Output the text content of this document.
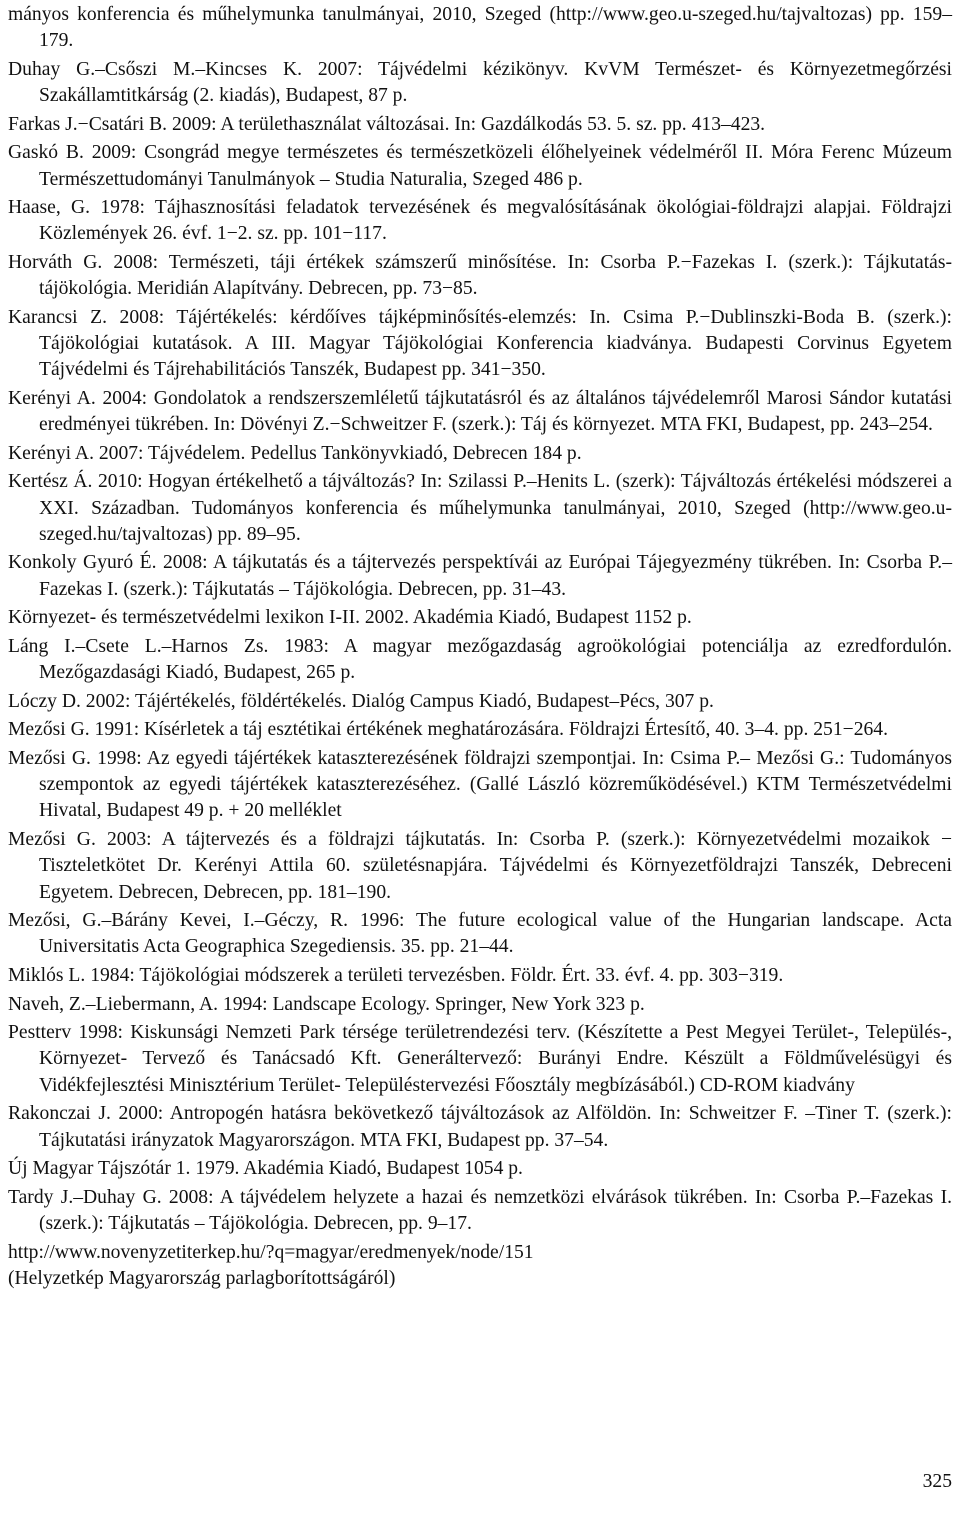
mányos konferencia és műhelymunka tanulmányai, 2010, Szeged (http://www.geo.u-szeged.hu/tajvaltozas) pp. 159–179.

Duhay G.–Csőszi M.–Kincses K. 2007: Tájvédelmi kézikönyv. KvVM Természet- és Környezetmegőrzési Szakállamtitkárság (2. kiadás), Budapest, 87 p.

Farkas J.−Csatári B. 2009: A területhasználat változásai. In: Gazdálkodás 53. 5. sz. pp. 413–423.

Gaskó B. 2009: Csongrád megye természetes és természetközeli élőhelyeinek védelméről II. Móra Ferenc Múzeum Természettudományi Tanulmányok – Studia Naturalia, Szeged 486 p.

Haase, G. 1978: Tájhasznosítási feladatok tervezésének és megvalósításának ökológiai-földrajzi alapjai. Földrajzi Közlemények 26. évf. 1−2. sz. pp. 101−117.

Horváth G. 2008: Természeti, táji értékek számszerű minősítése. In: Csorba P.−Fazekas I. (szerk.): Tájkutatás-tájökológia. Meridián Alapítvány. Debrecen, pp. 73−85.

Karancsi Z. 2008: Tájértékelés: kérdőíves tájképminősítés-elemzés: In. Csima P.−Dublinszki-Boda B. (szerk.): Tájökológiai kutatások. A III. Magyar Tájökológiai Konferencia kiadványa. Budapesti Corvinus Egyetem Tájvédelmi és Tájrehabilitációs Tanszék, Budapest pp. 341−350.

Kerényi A. 2004: Gondolatok a rendszerszemléletű tájkutatásról és az általános tájvédelemről Marosi Sándor kutatási eredményei tükrében. In: Dövényi Z.−Schweitzer F. (szerk.): Táj és környezet. MTA FKI, Budapest, pp. 243–254.

Kerényi A. 2007: Tájvédelem. Pedellus Tankönyvkiadó, Debrecen 184 p.

Kertész Á. 2010: Hogyan értékelhető a tájváltozás? In: Szilassi P.–Henits L. (szerk): Tájváltozás értékelési módszerei a XXI. Században. Tudományos konferencia és műhelymunka tanulmányai, 2010, Szeged (http://www.geo.u-szeged.hu/tajvaltozas) pp. 89–95.

Konkoly Gyuró É. 2008: A tájkutatás és a tájtervezés perspektívái az Európai Tájegyezmény tükrében. In: Csorba P.–Fazekas I. (szerk.): Tájkutatás – Tájökológia. Debrecen, pp. 31–43.

Környezet- és természetvédelmi lexikon I-II. 2002. Akadémia Kiadó, Budapest 1152 p.

Láng I.–Csete L.–Harnos Zs. 1983: A magyar mezőgazdaság agroökológiai potenciálja az ezredfordulón. Mezőgazdasági Kiadó, Budapest, 265 p.

Lóczy D. 2002: Tájértékelés, földértékelés. Dialóg Campus Kiadó, Budapest–Pécs, 307 p.

Mezősi G. 1991: Kísérletek a táj esztétikai értékének meghatározására. Földrajzi Értesítő, 40. 3–4. pp. 251−264.

Mezősi G. 1998: Az egyedi tájértékek kataszterezésének földrajzi szempontjai. In: Csima P.– Mezősi G.: Tudományos szempontok az egyedi tájértékek kataszterezéséhez. (Gallé László közreműködésével.) KTM Természetvédelmi Hivatal, Budapest 49 p. + 20 melléklet

Mezősi G. 2003: A tájtervezés és a földrajzi tájkutatás. In: Csorba P. (szerk.): Környezetvédelmi mozaikok − Tiszteletkötet Dr. Kerényi Attila 60. születésnapjára. Tájvédelmi és Környezetföldrajzi Tanszék, Debreceni Egyetem. Debrecen, Debrecen, pp. 181–190.

Mezősi, G.–Bárány Kevei, I.–Géczy, R. 1996: The future ecological value of the Hungarian landscape. Acta Universitatis Acta Geographica Szegediensis. 35. pp. 21–44.

Miklós L. 1984: Tájökológiai módszerek a területi tervezésben. Földr. Ért. 33. évf. 4. pp. 303−319.

Naveh, Z.–Liebermann, A. 1994: Landscape Ecology. Springer, New York 323 p.

Pestterv 1998: Kiskunsági Nemzeti Park térsége területrendezési terv. (Készítette a Pest Megyei Terület-, Település-, Környezet- Tervező és Tanácsadó Kft. Generáltervező: Burányi Endre. Készült a Földművelésügyi és Vidékfejlesztési Minisztérium Terület- Településtervezési Főosztály megbízásából.) CD-ROM kiadvány

Rakonczai J. 2000: Antropogén hatásra bekövetkező tájváltozások az Alföldön. In: Schweitzer F. –Tiner T. (szerk.): Tájkutatási irányzatok Magyarországon. MTA FKI, Budapest pp. 37–54.

Új Magyar Tájszótár 1. 1979. Akadémia Kiadó, Budapest 1054 p.

Tardy J.–Duhay G. 2008: A tájvédelem helyzete a hazai és nemzetközi elvárások tükrében. In: Csorba P.–Fazekas I. (szerk.): Tájkutatás – Tájökológia. Debrecen, pp. 9–17.

http://www.novenyzetiterkep.hu/?q=magyar/eredmenyek/node/151
(Helyzetkép Magyarország parlagborítottságáról)

325
